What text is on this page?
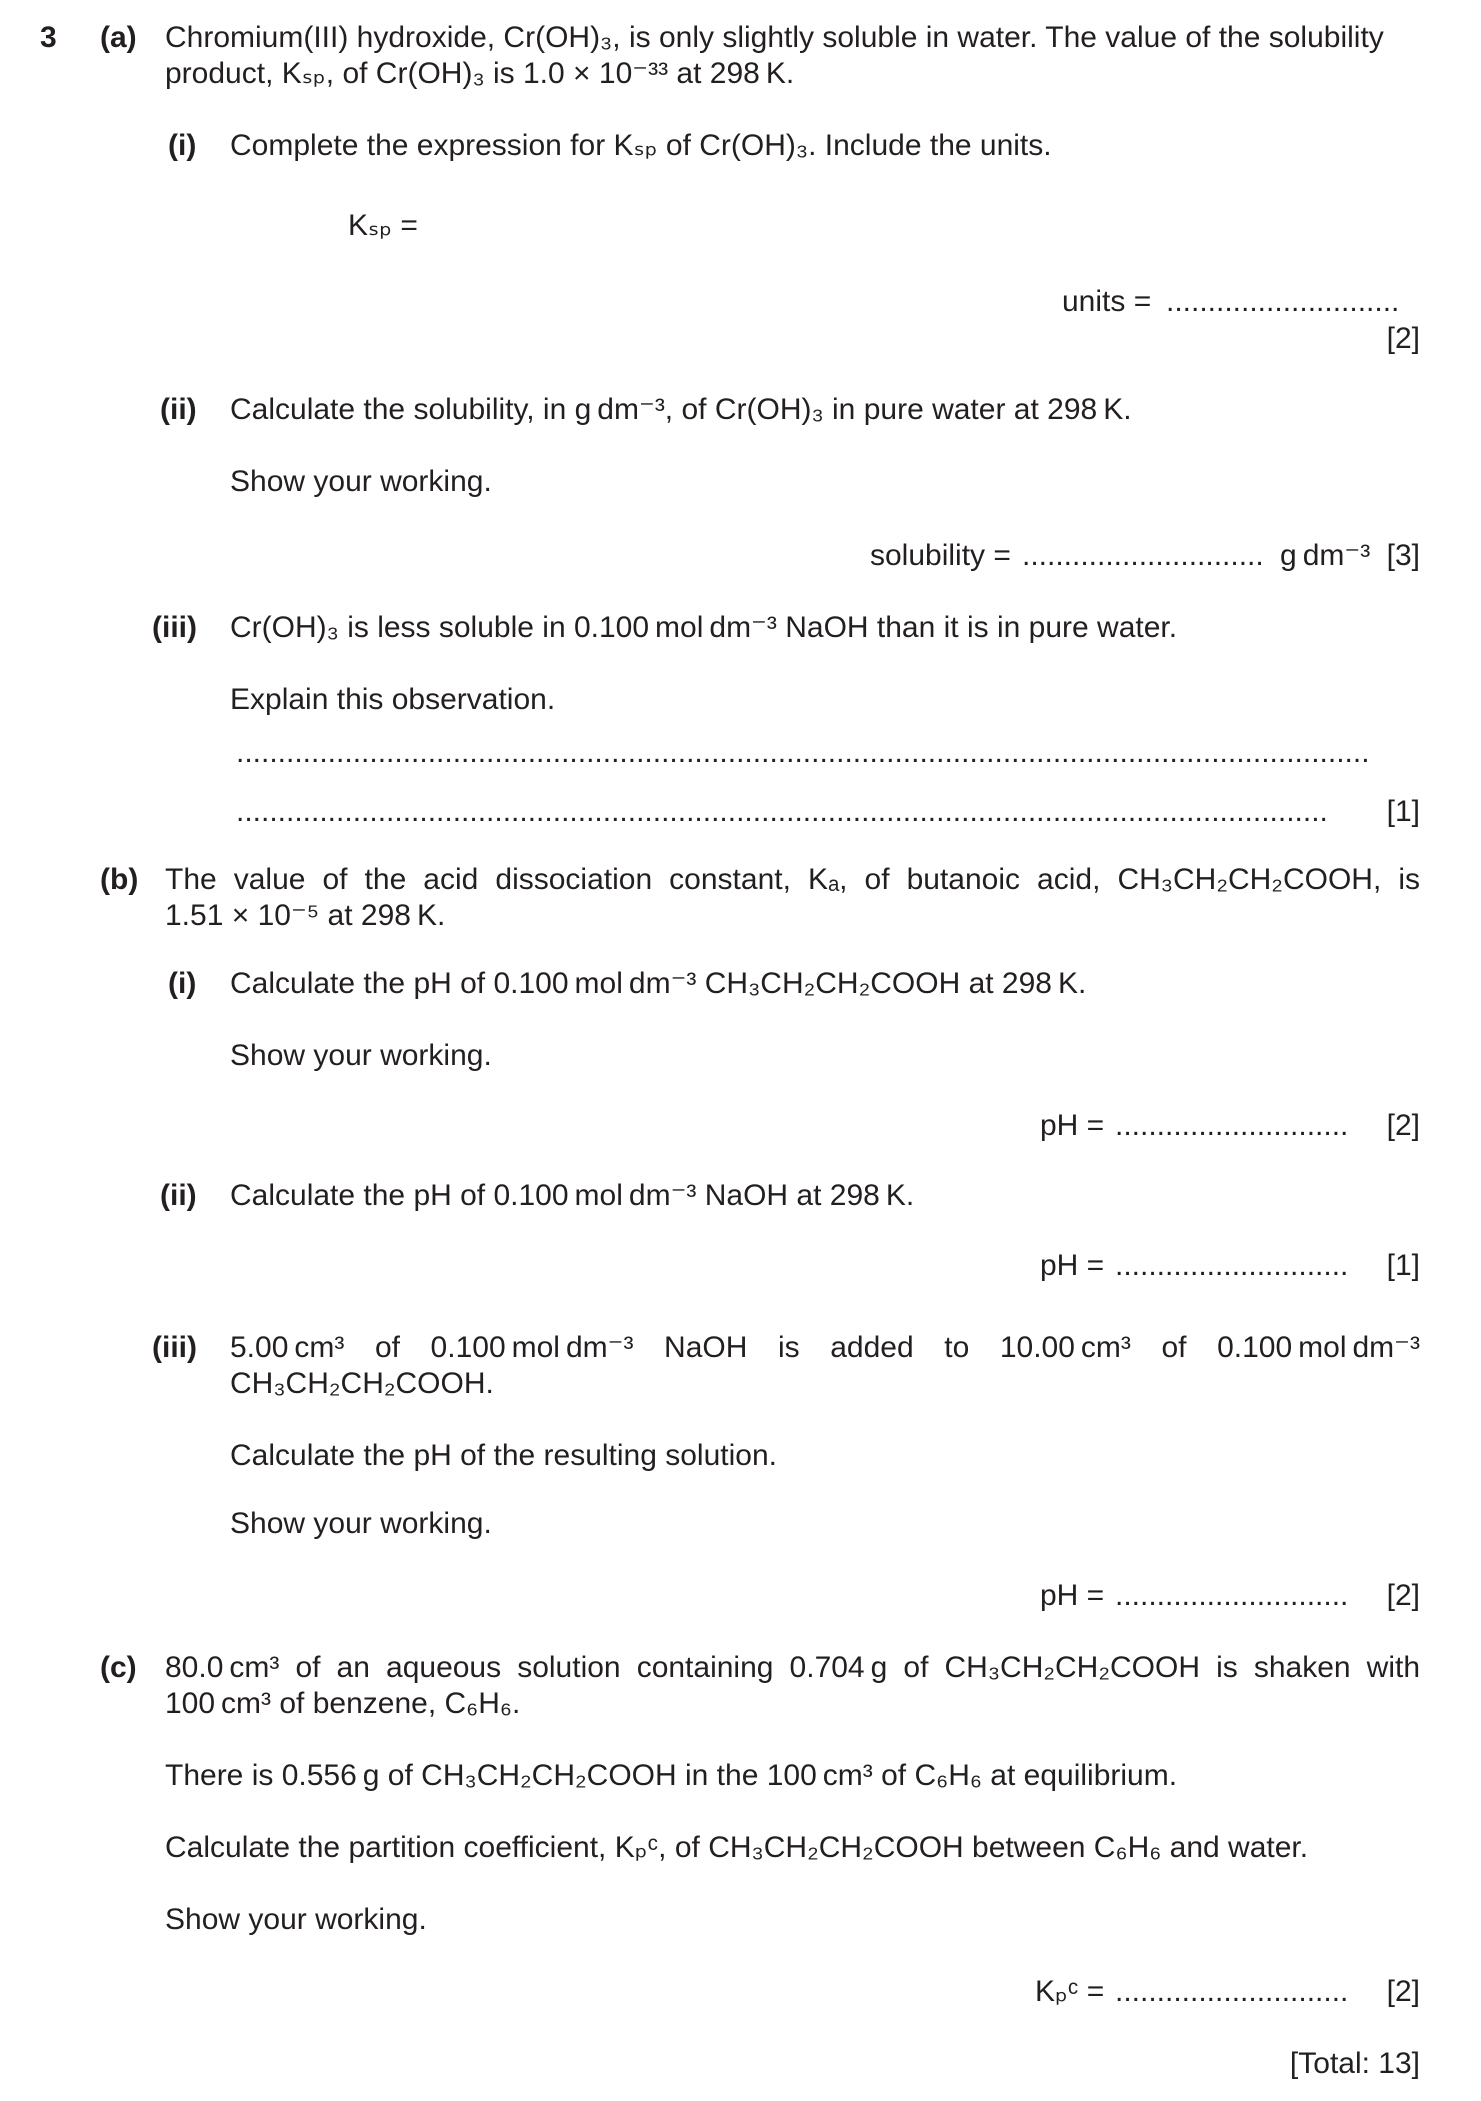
3 (a) Chromium(III) hydroxide, Cr(OH)₃, is only slightly soluble in water. The value of the solubility
product, Kₛₚ, of Cr(OH)₃ is 1.0 × 10⁻³³ at 298 K.
(i) Complete the expression for Kₛₚ of Cr(OH)₃. Include the units.
Kₛₚ =
units = ............................
[2]
(ii) Calculate the solubility, in g dm⁻³, of Cr(OH)₃ in pure water at 298 K.
Show your working.
solubility = ............................. g dm⁻³ [3]
(iii) Cr(OH)₃ is less soluble in 0.100 mol dm⁻³ NaOH than it is in pure water.
Explain this observation.
........................................................................................................................................
...................................................................................................................................	[1]
(b) The value of the acid dissociation constant, Kₐ, of butanoic acid, CH₃CH₂CH₂COOH, is
1.51 × 10⁻⁵ at 298 K.
(i) Calculate the pH of 0.100 mol dm⁻³ CH₃CH₂CH₂COOH at 298 K.
Show your working.
pH = ............................	[2]
(ii) Calculate the pH of 0.100 mol dm⁻³ NaOH at 298 K.
pH = ............................	[1]
(iii) 5.00 cm³ of 0.100 mol dm⁻³ NaOH is added to 10.00 cm³ of 0.100 mol dm⁻³
CH₃CH₂CH₂COOH.
Calculate the pH of the resulting solution.
Show your working.
pH = ............................	[2]
(c) 80.0 cm³ of an aqueous solution containing 0.704 g of CH₃CH₂CH₂COOH is shaken with
100 cm³ of benzene, C₆H₆.
There is 0.556 g of CH₃CH₂CH₂COOH in the 100 cm³ of C₆H₆ at equilibrium.
Calculate the partition coefficient, Kₚᶜ, of CH₃CH₂CH₂COOH between C₆H₆ and water.
Show your working.
Kₚᶜ = ............................	[2]
[Total: 13]
